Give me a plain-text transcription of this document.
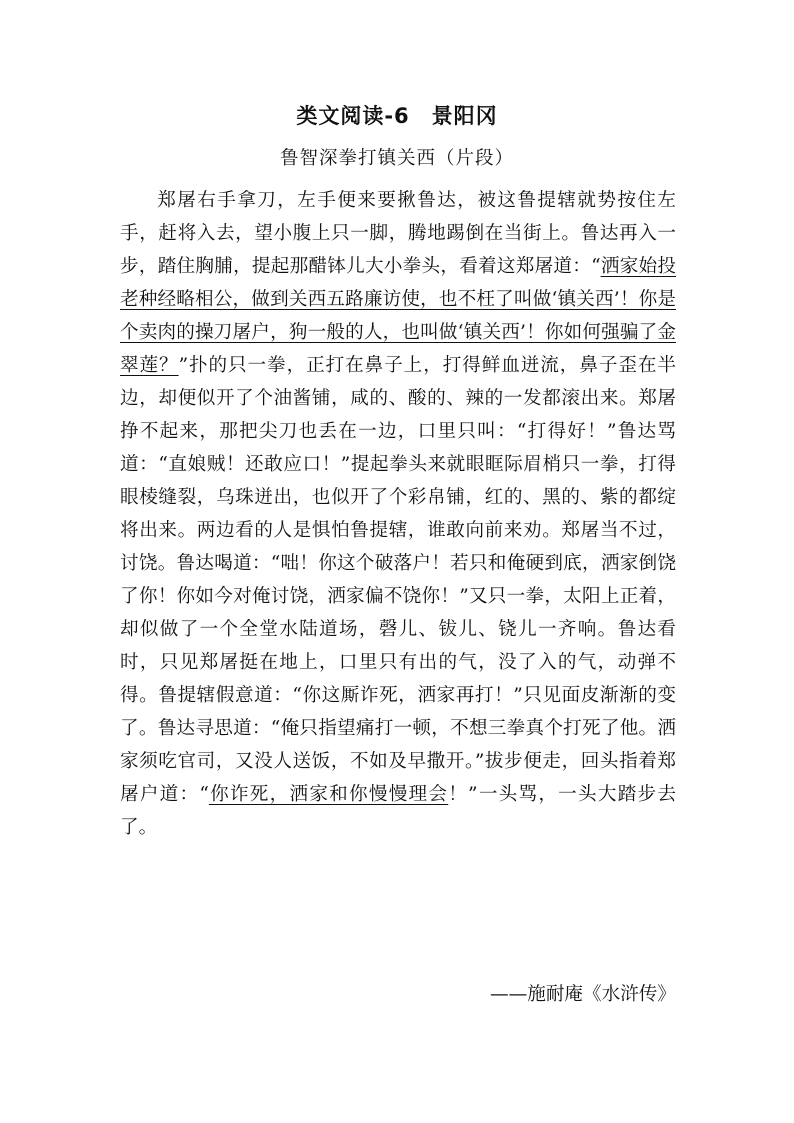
类文阅读-6　景阳冈
鲁智深拳打镇关西（片段）

郑屠右手拿刀，左手便来要揪鲁达，被这鲁提辖就势按住左手，赶将入去，望小腹上只一脚，腾地踢倒在当街上。鲁达再入一步，踏住胸脯，提起那醋钵儿大小拳头，看着这郑屠道：“洒家始投老种经略相公，做到关西五路廉访使，也不枉了叫做‘镇关西’！你是个卖肉的操刀屠户，狗一般的人，也叫做‘镇关西’！你如何强骗了金翠莲？”扑的只一拳，正打在鼻子上，打得鲜血迸流，鼻子歪在半边，却便似开了个油酱铺，咸的、酸的、辣的一发都滚出来。郑屠挣不起来，那把尖刀也丢在一边，口里只叫：“打得好！”鲁达骂道：“直娘贼！还敢应口！”提起拳头来就眼眶际眉梢只一拳，打得眼棱缝裂，乌珠迸出，也似开了个彩帛铺，红的、黑的、紫的都绽将出来。两边看的人是惧怕鲁提辖，谁敢向前来劝。郑屠当不过，讨饶。鲁达喝道：“咄！你这个破落户！若只和俺硬到底，洒家倒饶了你！你如今对俺讨饶，洒家偏不饶你！”又只一拳，太阳上正着，却似做了一个全堂水陆道场，磬儿、钹儿、铙儿一齐响。鲁达看时，只见郑屠挺在地上，口里只有出的气，没了入的气，动弹不得。鲁提辖假意道：“你这厮诈死，洒家再打！”只见面皮渐渐的变了。鲁达寻思道：“俺只指望痛打一顿，不想三拳真个打死了他。洒家须吃官司，又没人送饭，不如及早撒开。”拔步便走，回头指着郑屠户道：“你诈死，洒家和你慢慢理会！”一头骂，一头大踏步去了。

——施耐庵《水浒传》
